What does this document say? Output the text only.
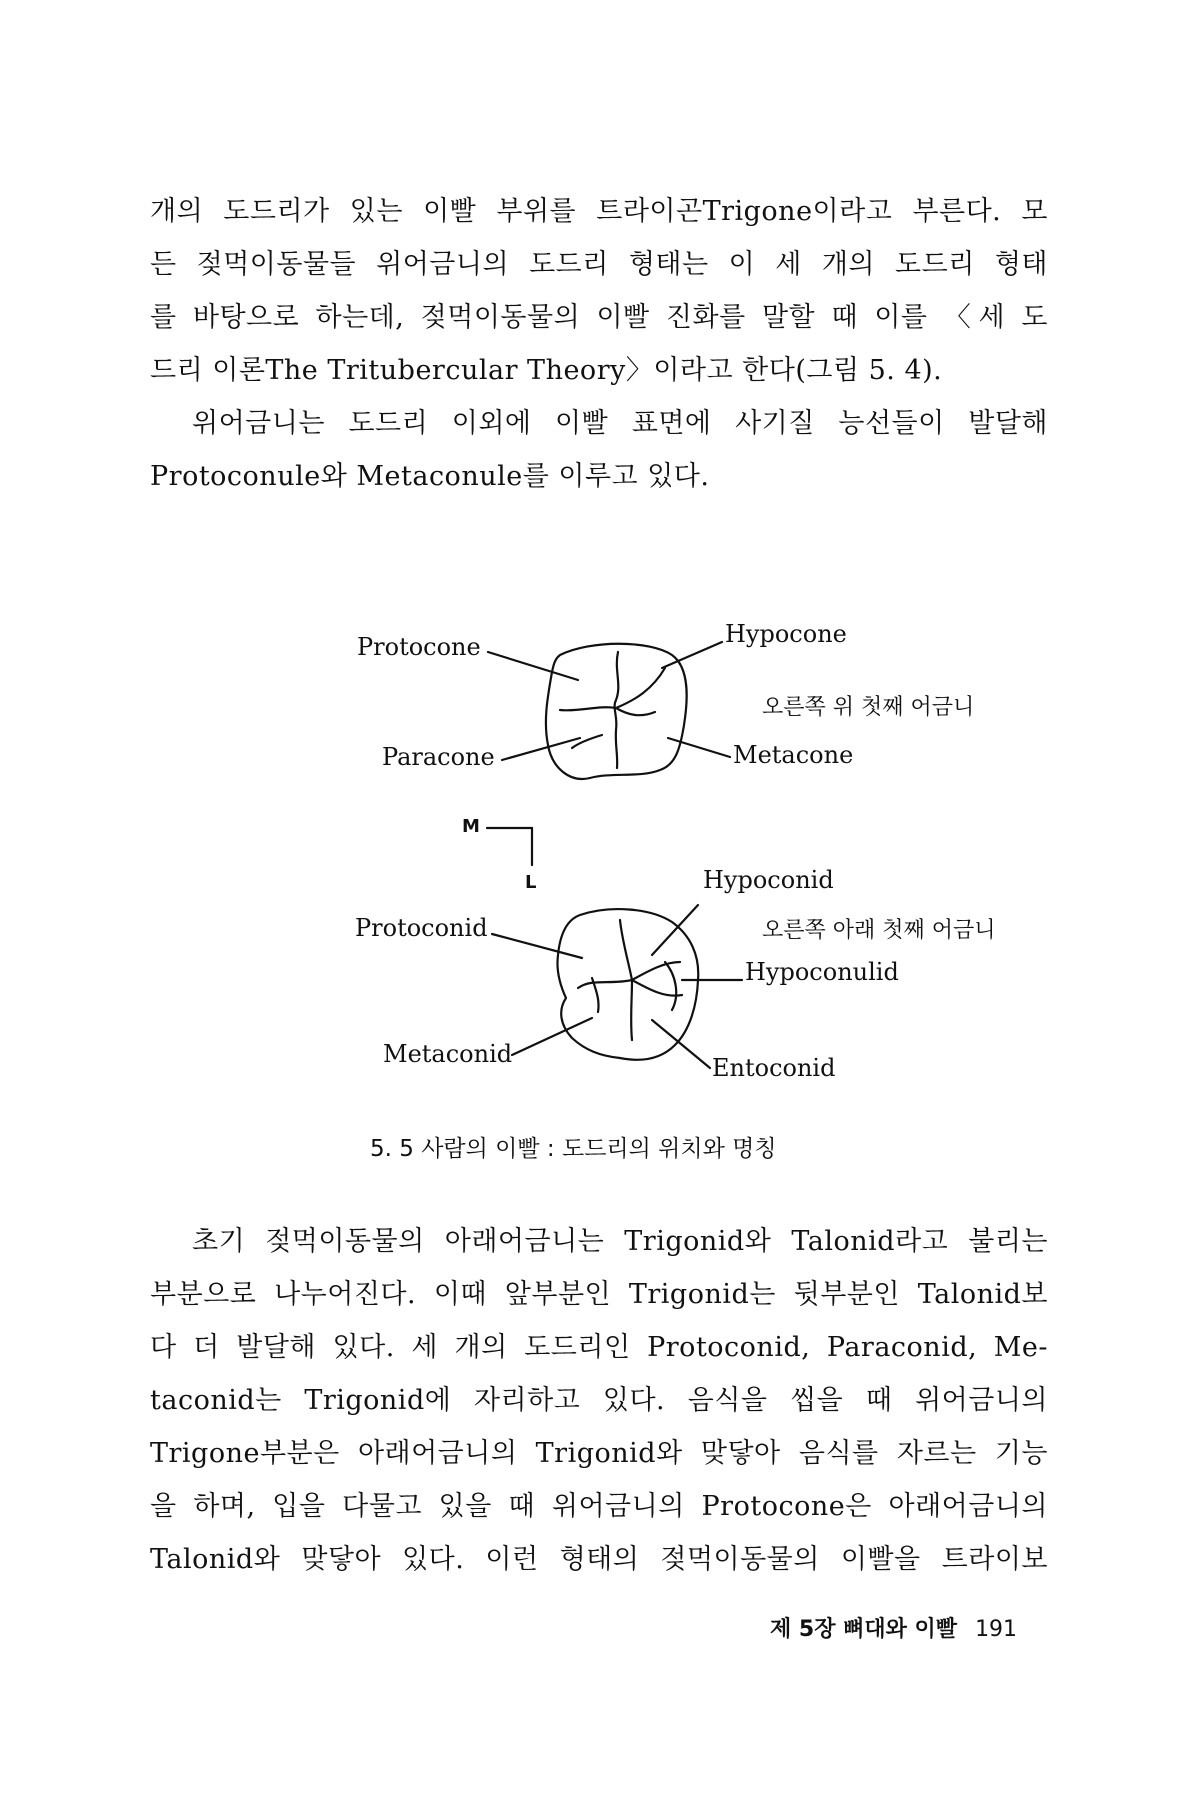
개의 도드리가 있는 이빨 부위를 트라이곤Trigone이라고 부른다. 모
든 젖먹이동물들 위어금니의 도드리 형태는 이 세 개의 도드리 형태
를 바탕으로 하는데, 젖먹이동물의 이빨 진화를 말할 때 이를 〈세 도
드리 이론The Tritubercular Theory〉이라고 한다(그림 5. 4).
위어금니는 도드리 이외에 이빨 표면에 사기질 능선들이 발달해
Protoconule와 Metaconule를 이루고 있다.
Protocone
Paracone
Hypocone
Metacone
오른쪽 위 첫째 어금니
M
L
Protoconid
Metaconid
Hypoconid
Hypoconulid
Entoconid
오른쪽 아래 첫째 어금니
5. 5 사람의 이빨 : 도드리의 위치와 명칭
초기 젖먹이동물의 아래어금니는 Trigonid와 Talonid라고 불리는
부분으로 나누어진다. 이때 앞부분인 Trigonid는 뒷부분인 Talonid보
다 더 발달해 있다. 세 개의 도드리인 Protoconid, Paraconid, Me-
taconid는 Trigonid에 자리하고 있다. 음식을 씹을 때 위어금니의
Trigone부분은 아래어금니의 Trigonid와 맞닿아 음식를 자르는 기능
을 하며, 입을 다물고 있을 때 위어금니의 Protocone은 아래어금니의
Talonid와 맞닿아 있다. 이런 형태의 젖먹이동물의 이빨을 트라이보
제 5장 뼈대와 이빨 191
